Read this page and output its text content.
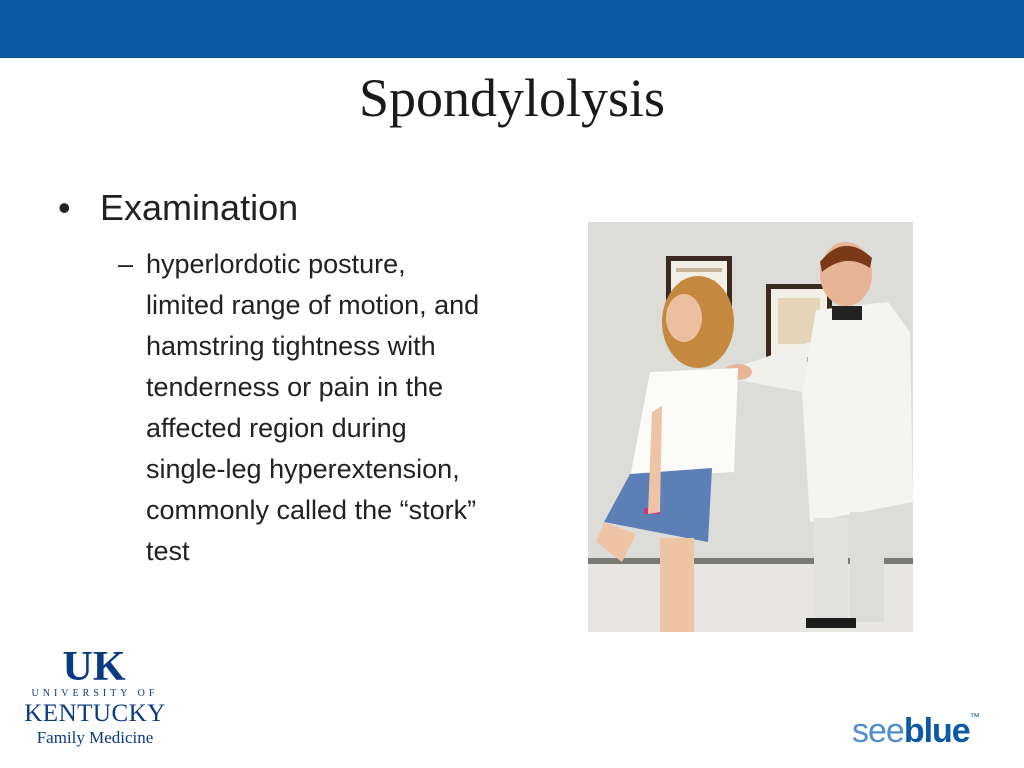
Spondylolysis
• Examination
– hyperlordotic posture, limited range of motion, and hamstring tightness with tenderness or pain in the affected region during single-leg hyperextension, commonly called the “stork” test
UK
UNIVERSITY OF
KENTUCKY
Family Medicine	seeblue™
